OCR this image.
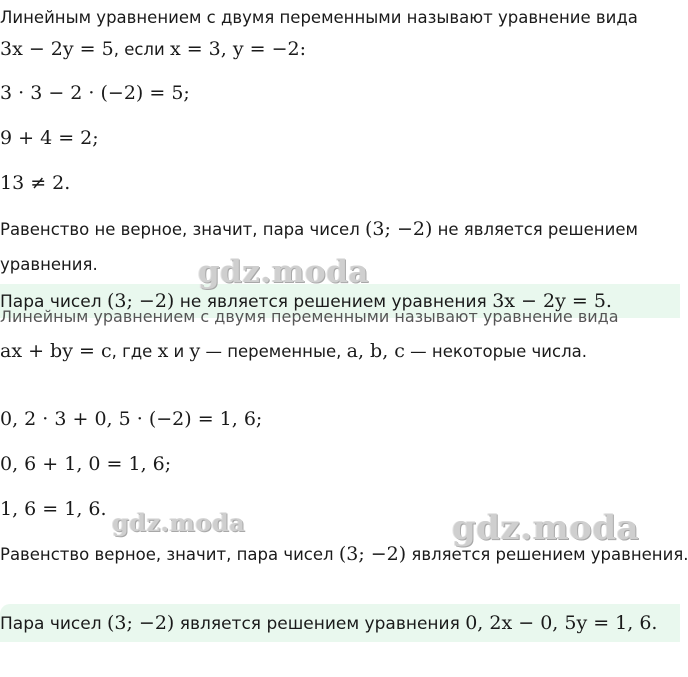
Линейным уравнением с двумя переменными называют уравнение вида
3x − 2y = 5, если x = 3, y = −2:
3 · 3 − 2 · (−2) = 5;
9 + 4 = 2;
13 ≠ 2.
Равенство не верное, значит, пара чисел (3; −2) не является решением
уравнения.
Пара чисел (3; −2) не является решением уравнения 3x − 2y = 5.
Линейным уравнением с двумя переменными называют уравнение вида
ax + by = c, где x и y — переменные, a, b, c — некоторые числа.
0, 2 · 3 + 0, 5 · (−2) = 1, 6;
0, 6 + 1, 0 = 1, 6;
1, 6 = 1, 6.
Равенство верное, значит, пара чисел (3; −2) является решением уравнения.
Пара чисел (3; −2) является решением уравнения 0, 2x − 0, 5y = 1, 6.
gdz.moda
gdz.moda	gdz.moda
